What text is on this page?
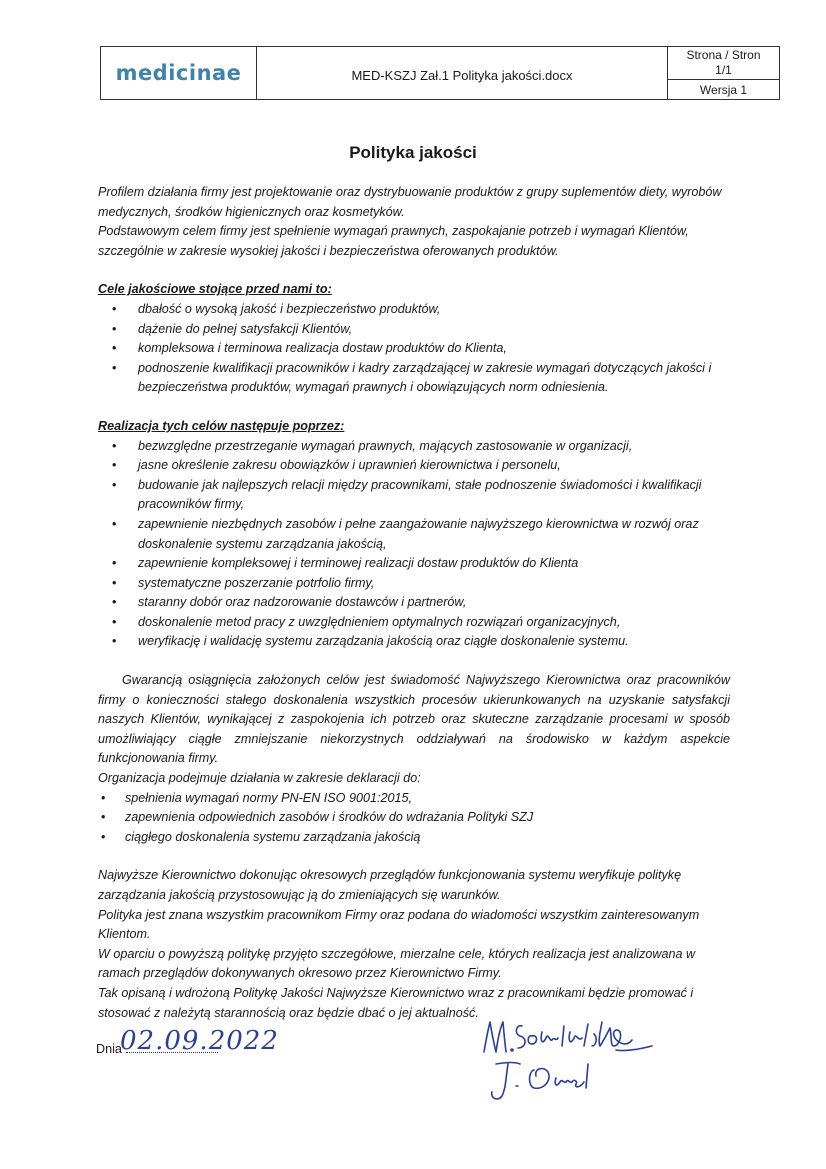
medicinae	MED-KSZJ Zał.1 Polityka jakości.docx
Strona / Stron
1/1
Wersja 1
Polityka jakości

Profilem działania firmy jest projektowanie oraz dystrybuowanie produktów z grupy suplementów diety, wyrobów medycznych, środków higienicznych oraz kosmetyków.

Podstawowym celem firmy jest spełnienie wymagań prawnych, zaspokajanie potrzeb i wymagań Klientów, szczególnie w zakresie wysokiej jakości i bezpieczeństwa oferowanych produktów.

Cele jakościowe stojące przed nami to:

• dbałość o wysoką jakość i bezpieczeństwo produktów,
• dążenie do pełnej satysfakcji Klientów,
• kompleksowa i terminowa realizacja dostaw produktów do Klienta,
• podnoszenie kwalifikacji pracowników i kadry zarządzającej w zakresie wymagań dotyczących jakości i bezpieczeństwa produktów, wymagań prawnych i obowiązujących norm odniesienia.

Realizacja tych celów następuje poprzez:

• bezwzględne przestrzeganie wymagań prawnych, mających zastosowanie w organizacji,
• jasne określenie zakresu obowiązków i uprawnień kierownictwa i personelu,
• budowanie jak najlepszych relacji między pracownikami, stałe podnoszenie świadomości i kwalifikacji pracowników firmy,
• zapewnienie niezbędnych zasobów i pełne zaangażowanie najwyższego kierownictwa w rozwój oraz doskonalenie systemu zarządzania jakością,
• zapewnienie kompleksowej i terminowej realizacji dostaw produktów do Klienta
• systematyczne poszerzanie potrfolio firmy,
• staranny dobór oraz nadzorowanie dostawców i partnerów,
• doskonalenie metod pracy z uwzględnieniem optymalnych rozwiązań organizacyjnych,
• weryfikację i walidację systemu zarządzania jakością oraz ciągłe doskonalenie systemu.

Gwarancją osiągnięcia założonych celów jest świadomość Najwyższego Kierownictwa oraz pracowników firmy o konieczności stałego doskonalenia wszystkich procesów ukierunkowanych na uzyskanie satysfakcji naszych Klientów, wynikającej z zaspokojenia ich potrzeb oraz skuteczne zarządzanie procesami w sposób umożliwiający ciągłe zmniejszanie niekorzystnych oddziaływań na środowisko w każdym aspekcie funkcjonowania firmy.

Organizacja podejmuje działania w zakresie deklaracji do:

• spełnienia wymagań normy PN-EN ISO 9001:2015,
• zapewnienia odpowiednich zasobów i środków do wdrażania Polityki SZJ
• ciągłego doskonalenia systemu zarządzania jakością

Najwyższe Kierownictwo dokonując okresowych przeglądów funkcjonowania systemu weryfikuje politykę zarządzania jakością przystosowując ją do zmieniających się warunków.

Polityka jest znana wszystkim pracownikom Firmy oraz podana do wiadomości wszystkim zainteresowanym Klientom.

W oparciu o powyższą politykę przyjęto szczegółowe, mierzalne cele, których realizacja jest analizowana w ramach przeglądów dokonywanych okresowo przez Kierownictwo Firmy.

Tak opisaną i wdrożoną Politykę Jakości Najwyższe Kierownictwo wraz z pracownikami będzie promować i stosować z należytą starannością oraz będzie dbać o jej aktualność.

Dnia
02.09.2022
